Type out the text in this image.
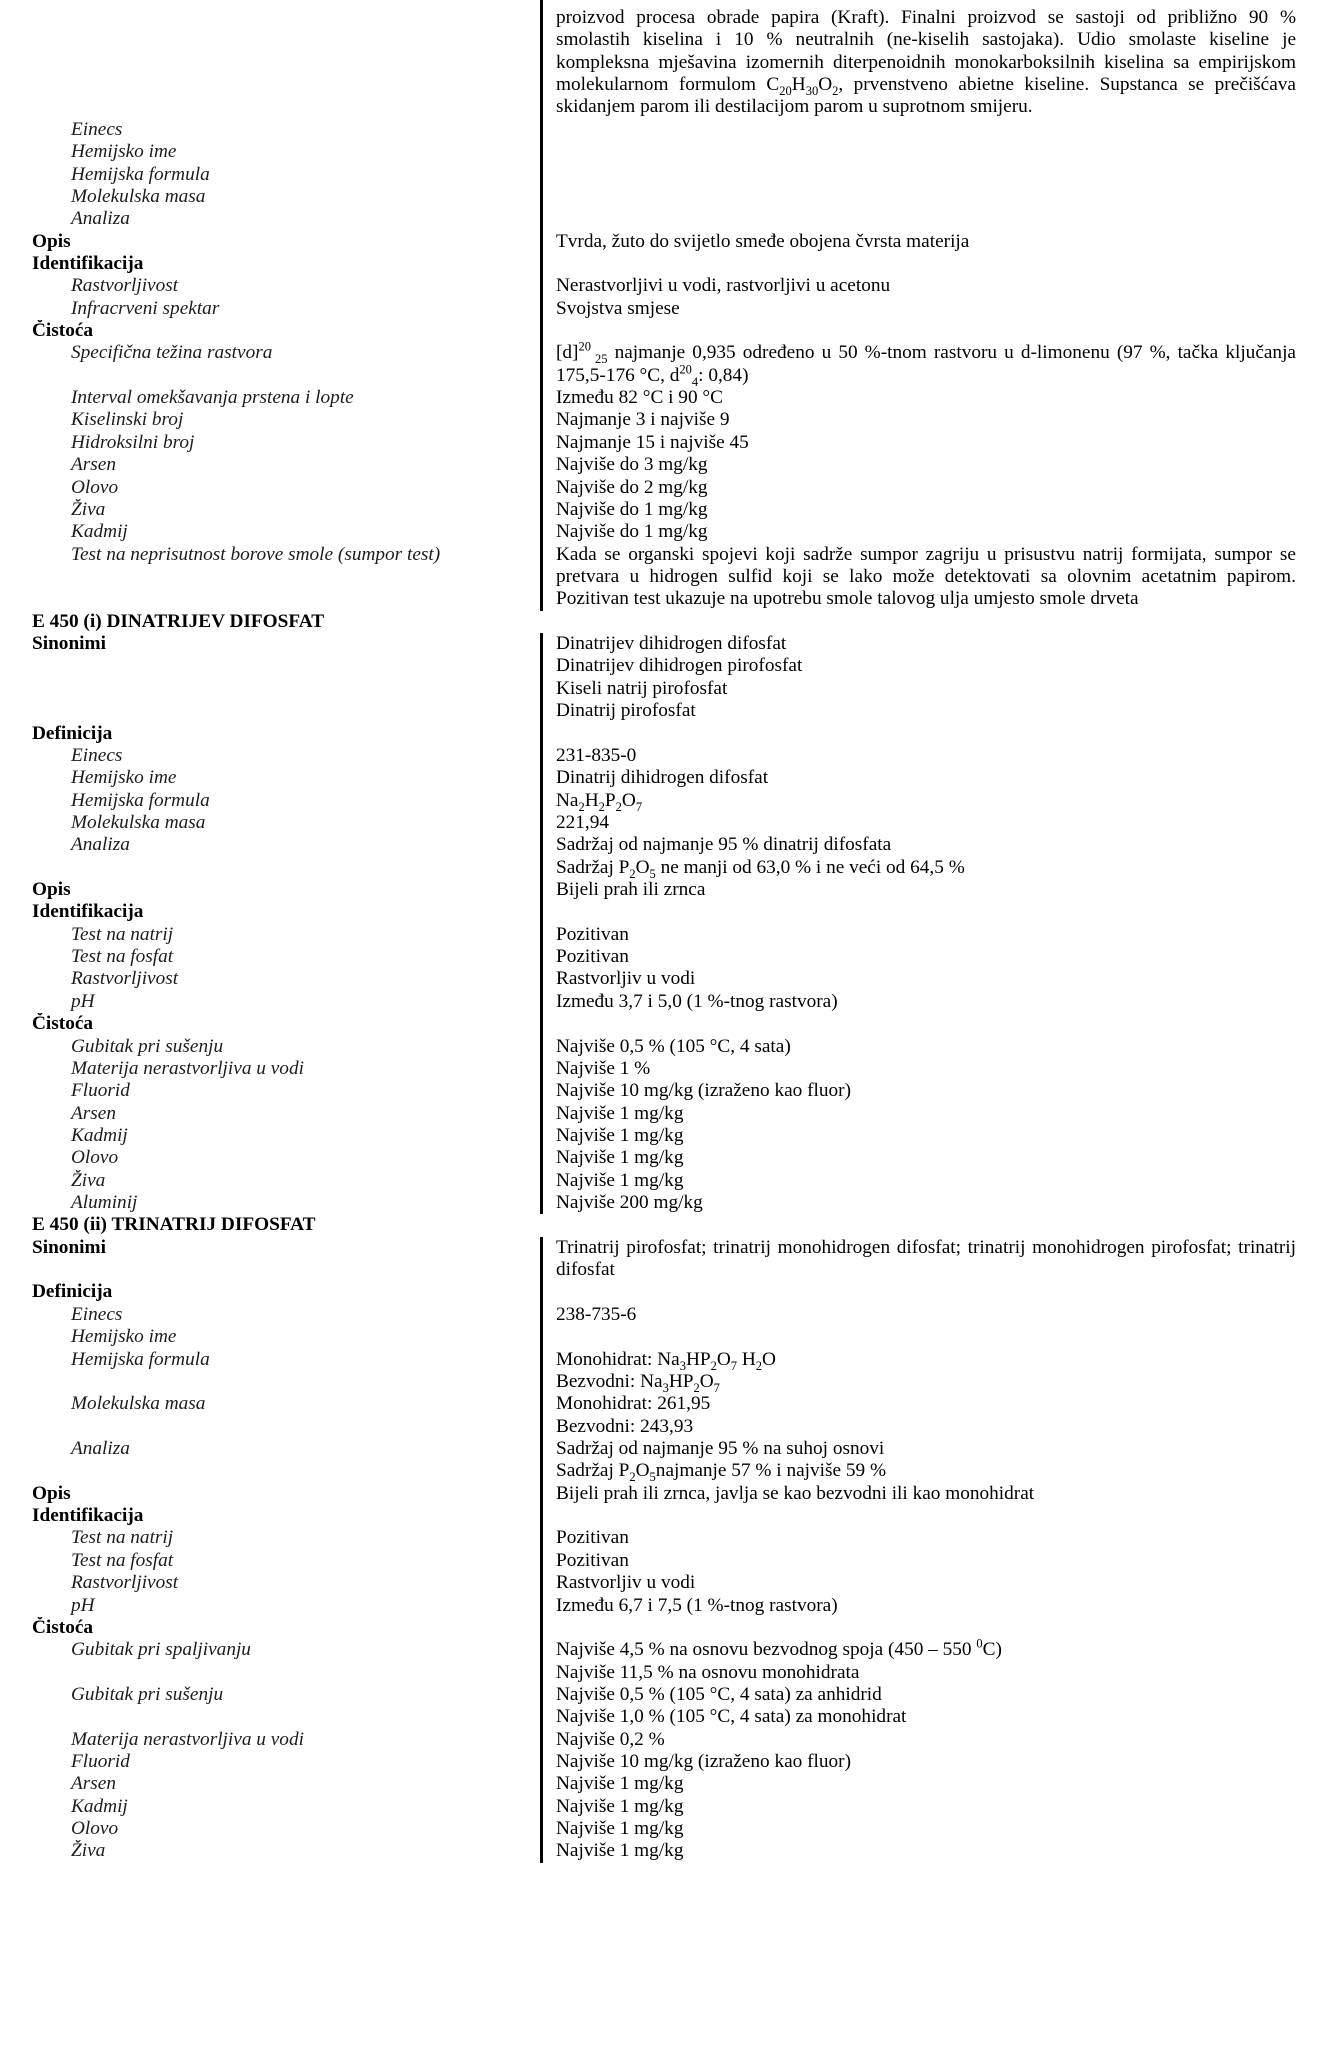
proizvod procesa obrade papira (Kraft). Finalni proizvod se sastoji od približno 90 %
smolastih kiselina i 10 % neutralnih (ne-kiselih sastojaka). Udio smolaste kiseline je
kompleksna mješavina izomernih diterpenoidnih monokarboksilnih kiselina sa empirijskom
molekularnom formulom $C_{20}H_{30}O_2$, prvenstveno abietne kiseline. Supstanca se prečišćava
skidanjem parom ili destilacijom parom u suprotnom smijeru.
Einecs
Hemijsko ime
Hemijska formula
Molekulska masa
Analiza
Opis	Tvrda, žuto do svijetlo smeđe obojena čvrsta materija
Identifikacija
Rastvorljivost	Nerastvorljivi u vodi, rastvorljivi u acetonu
Infracrveni spektar	Svojstva smjese
Čistoća
Specifična težina rastvora	$[d]^{20}_{25}$ najmanje 0,935 određeno u 50 %-tnom rastvoru u d-limonenu (97 %, tačka ključanja
175,5-176 °C, $d^{20}_4$: 0,84)
Interval omekšavanja prstena i lopte	Između 82 °C i 90 °C
Kiselinski broj	Najmanje 3 i najviše 9
Hidroksilni broj	Najmanje 15 i najviše 45
Arsen	Najviše do 3 mg/kg
Olovo	Najviše do 2 mg/kg
Živa	Najviše do 1 mg/kg
Kadmij	Najviše do 1 mg/kg
Test na neprisutnost borove smole (sumpor test)	Kada se organski spojevi koji sadrže sumpor zagriju u prisustvu natrij formijata, sumpor se
pretvara u hidrogen sulfid koji se lako može detektovati sa olovnim acetatnim papirom.
Pozitivan test ukazuje na upotrebu smole talovog ulja umjesto smole drveta
E 450 (i) DINATRIJEV DIFOSFAT
Sinonimi	Dinatrijev dihidrogen difosfat
Dinatrijev dihidrogen pirofosfat
Kiseli natrij pirofosfat
Dinatrij pirofosfat
Definicija
Einecs	231-835-0
Hemijsko ime	Dinatrij dihidrogen difosfat
Hemijska formula	$Na_2H_2P_2O_7$
Molekulska masa	221,94
Analiza	Sadržaj od najmanje 95 % dinatrij difosfata
Sadržaj $P_2O_5$ ne manji od 63,0 % i ne veći od 64,5 %
Opis	Bijeli prah ili zrnca
Identifikacija
Test na natrij	Pozitivan
Test na fosfat	Pozitivan
Rastvorljivost	Rastvorljiv u vodi
pH	Između 3,7 i 5,0 (1 %-tnog rastvora)
Čistoća
Gubitak pri sušenju	Najviše 0,5 % (105 °C, 4 sata)
Materija nerastvorljiva u vodi	Najviše 1 %
Fluorid	Najviše 10 mg/kg (izraženo kao fluor)
Arsen	Najviše 1 mg/kg
Kadmij	Najviše 1 mg/kg
Olovo	Najviše 1 mg/kg
Živa	Najviše 1 mg/kg
Aluminij	Najviše 200 mg/kg
E 450 (ii) TRINATRIJ DIFOSFAT
Sinonimi	Trinatrij pirofosfat; trinatrij monohidrogen difosfat; trinatrij monohidrogen pirofosfat; trinatrij
difosfat
Definicija
Einecs	238-735-6
Hemijsko ime
Hemijska formula	Monohidrat: $Na_3HP_2O_7$ $H_2O$
Bezvodni: $Na_3HP_2O_7$
Molekulska masa	Monohidrat: 261,95
Bezvodni: 243,93
Analiza	Sadržaj od najmanje 95 % na suhoj osnovi
Sadržaj $P_2O_5najmanje$ 57 % i najviše 59 %
Opis	Bijeli prah ili zrnca, javlja se kao bezvodni ili kao monohidrat
Identifikacija
Test na natrij	Pozitivan
Test na fosfat	Pozitivan
Rastvorljivost	Rastvorljiv u vodi
pH	Između 6,7 i 7,5 (1 %-tnog rastvora)
Čistoća
Gubitak pri spaljivanju	Najviše 4,5 % na osnovu bezvodnog spoja (450 – 550 $^0$C)
Najviše 11,5 % na osnovu monohidrata
Gubitak pri sušenju	Najviše 0,5 % (105 °C, 4 sata) za anhidrid
Najviše 1,0 % (105 °C, 4 sata) za monohidrat
Materija nerastvorljiva u vodi	Najviše 0,2 %
Fluorid	Najviše 10 mg/kg (izraženo kao fluor)
Arsen	Najviše 1 mg/kg
Kadmij	Najviše 1 mg/kg
Olovo	Najviše 1 mg/kg
Živa	Najviše 1 mg/kg
